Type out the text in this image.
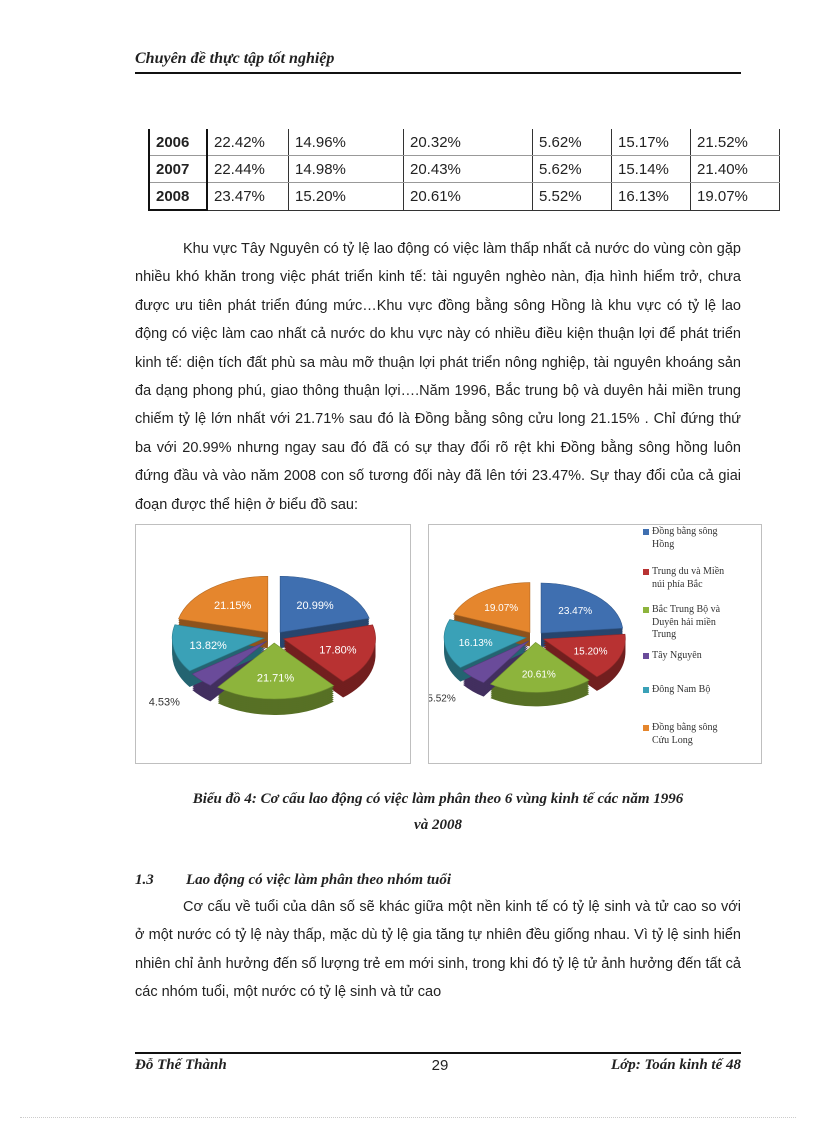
Chuyên đề thực tập tốt nghiệp
2006	22.42%	14.96%	20.32%	5.62%	15.17%	21.52%
2007	22.44%	14.98%	20.43%	5.62%	15.14%	21.40%
2008	23.47%	15.20%	20.61%	5.52%	16.13%	19.07%
Khu vực Tây Nguyên có tỷ lệ lao động có việc làm thấp nhất cả nước do vùng còn gặp nhiều khó khăn trong việc phát triển kinh tế: tài nguyên nghèo nàn, địa hình hiểm trở, chưa được ưu tiên phát triển đúng mức…Khu vực đồng bằng sông Hồng là khu vực có tỷ lệ lao động có việc làm cao nhất cả nước do khu vực này có nhiều điều kiện thuận lợi để phát triển kinh tế: diện tích đất phù sa màu mỡ thuận lợi phát triển nông nghiệp, tài nguyên khoáng sản đa dạng phong phú, giao thông thuận lợi….Năm 1996, Bắc trung bộ và duyên hải miền trung chiếm tỷ lệ lớn nhất với 21.71% sau đó là Đồng bằng sông cửu long 21.15% . Chỉ đứng thứ ba với 20.99% nhưng ngay sau đó đã có sự thay đổi rõ rệt khi Đồng bằng sông hồng luôn đứng đầu và vào năm 2008 con số tương đối này đã lên tới 23.47%. Sự thay đổi của cả giai đoạn được thể hiện ở biểu đồ sau:
20.99%
17.80%
21.71%
4.53%
13.82%
21.15%	23.47%
15.20%
20.61%
5.52%
16.13%
19.07%
Đồng bằng sông
Hồng
Trung du và Miền
núi phía Bắc
Bắc Trung Bộ và
Duyên hải miền
Trung
Tây Nguyên
Đông Nam Bộ
Đồng bằng sông
Cửu Long
Biểu đồ 4: Cơ cấu lao động có việc làm phân theo 6 vùng kinh tế các năm 1996
và 2008
1.3 Lao động có việc làm phân theo nhóm tuổi
Cơ cấu về tuổi của dân số sẽ khác giữa một nền kinh tế có tỷ lệ sinh và tử cao so với ở một nước có tỷ lệ này thấp, mặc dù tỷ lệ gia tăng tự nhiên đều giống nhau. Vì tỷ lệ sinh hiển nhiên chỉ ảnh hưởng đến số lượng trẻ em mới sinh, trong khi đó tỷ lệ tử ảnh hưởng đến tất cả các nhóm tuổi, một nước có tỷ lệ sinh và tử cao
Đỗ Thế Thành	29	Lớp: Toán kinh tế 48
